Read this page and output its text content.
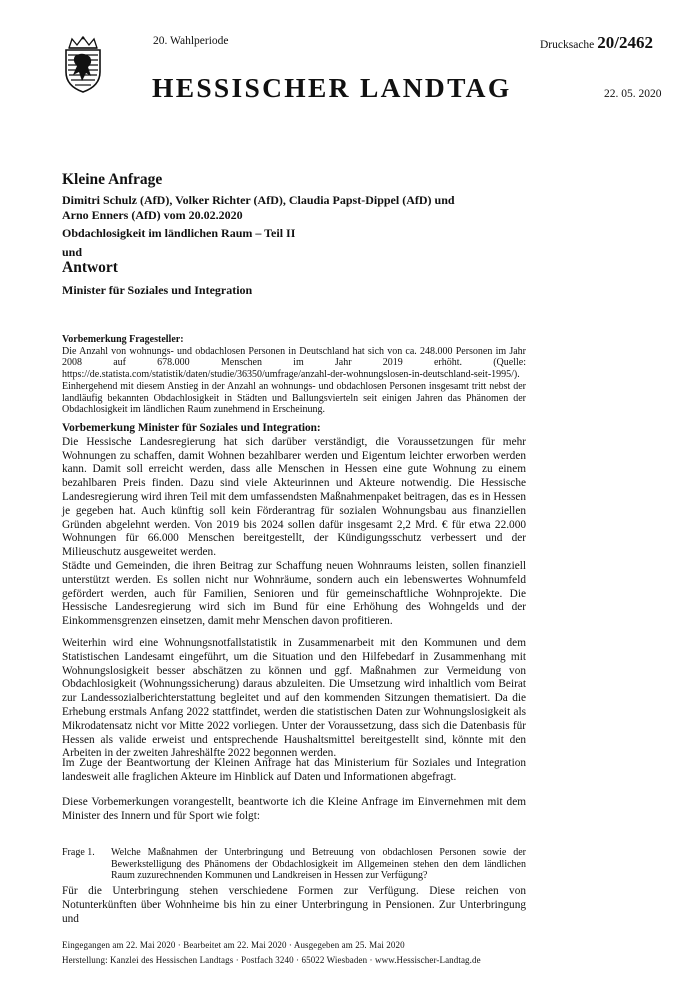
20. Wahlperiode	Drucksache 20/2462
HESSISCHER LANDTAG	22. 05. 2020
Kleine Anfrage
Dimitri Schulz (AfD), Volker Richter (AfD), Claudia Papst-Dippel (AfD) und
Arno Enners (AfD) vom 20.02.2020
Obdachlosigkeit im ländlichen Raum – Teil II
und
Antwort
Minister für Soziales und Integration

Vorbemerkung Fragesteller:

Die Anzahl von wohnungs- und obdachlosen Personen in Deutschland hat sich von ca. 248.000 Personen im Jahr 2008 auf 678.000 Menschen im Jahr 2019 erhöht. (Quelle: https://de.statista.com/statistik/daten/studie/36350/umfrage/anzahl-der-wohnungslosen-in-deutschland-seit-1995/). Einhergehend mit diesem Anstieg in der Anzahl an wohnungs- und obdachlosen Personen insgesamt tritt nebst der landläufig bekannten Obdachlosigkeit in Städten und Ballungsvierteln seit einigen Jahren das Phänomen der Obdachlosigkeit im ländlichen Raum zunehmend in Erscheinung.

Vorbemerkung Minister für Soziales und Integration:

Die Hessische Landesregierung hat sich darüber verständigt, die Voraussetzungen für mehr Wohnungen zu schaffen, damit Wohnen bezahlbarer werden und Eigentum leichter erworben werden kann. Damit soll erreicht werden, dass alle Menschen in Hessen eine gute Wohnung zu einem bezahlbaren Preis finden. Dazu sind viele Akteurinnen und Akteure notwendig. Die Hessische Landesregierung wird ihren Teil mit dem umfassendsten Maßnahmenpaket beitragen, das es in Hessen je gegeben hat. Auch künftig soll kein Förderantrag für sozialen Wohnungsbau aus finanziellen Gründen abgelehnt werden. Von 2019 bis 2024 sollen dafür insgesamt 2,2 Mrd. € für etwa 22.000 Wohnungen für 66.000 Menschen bereitgestellt, der Kündigungsschutz verbessert und der Milieuschutz ausgeweitet werden.

Städte und Gemeinden, die ihren Beitrag zur Schaffung neuen Wohnraums leisten, sollen finanziell unterstützt werden. Es sollen nicht nur Wohnräume, sondern auch ein lebenswertes Wohnumfeld gefördert werden, auch für Familien, Senioren und für gemeinschaftliche Wohnprojekte. Die Hessische Landesregierung wird sich im Bund für eine Erhöhung des Wohngelds und der Einkommensgrenzen einsetzen, damit mehr Menschen davon profitieren.
Weiterhin wird eine Wohnungsnotfallstatistik in Zusammenarbeit mit den Kommunen und dem Statistischen Landesamt eingeführt, um die Situation und den Hilfebedarf in Zusammenhang mit Wohnungslosigkeit besser abschätzen zu können und ggf. Maßnahmen zur Vermeidung von Obdachlosigkeit (Wohnungssicherung) daraus abzuleiten. Die Umsetzung wird inhaltlich vom Beirat zur Landessozialberichterstattung begleitet und auf den kommenden Sitzungen thematisiert. Da die Erhebung erstmals Anfang 2022 stattfindet, werden die statistischen Daten zur Wohnungslosigkeit als Mikrodatensatz nicht vor Mitte 2022 vorliegen. Unter der Voraussetzung, dass sich die Datenbasis für Hessen als valide erweist und entsprechende Haushaltsmittel bereitgestellt sind, könnte mit den Arbeiten in der zweiten Jahreshälfte 2022 begonnen werden.
Im Zuge der Beantwortung der Kleinen Anfrage hat das Ministerium für Soziales und Integration landesweit alle fraglichen Akteure im Hinblick auf Daten und Informationen abgefragt.
Diese Vorbemerkungen vorangestellt, beantworte ich die Kleine Anfrage im Einvernehmen mit dem Minister des Innern und für Sport wie folgt:
Frage 1. Welche Maßnahmen der Unterbringung und Betreuung von obdachlosen Personen sowie der Bewerkstelligung des Phänomens der Obdachlosigkeit im Allgemeinen stehen den dem ländlichen Raum zuzurechnenden Kommunen und Landkreisen in Hessen zur Verfügung?
Für die Unterbringung stehen verschiedene Formen zur Verfügung. Diese reichen von Notunterkünften über Wohnheime bis hin zu einer Unterbringung in Pensionen. Zur Unterbringung und
Eingegangen am 22. Mai 2020 · Bearbeitet am 22. Mai 2020 · Ausgegeben am 25. Mai 2020
Herstellung: Kanzlei des Hessischen Landtags · Postfach 3240 · 65022 Wiesbaden · www.Hessischer-Landtag.de
